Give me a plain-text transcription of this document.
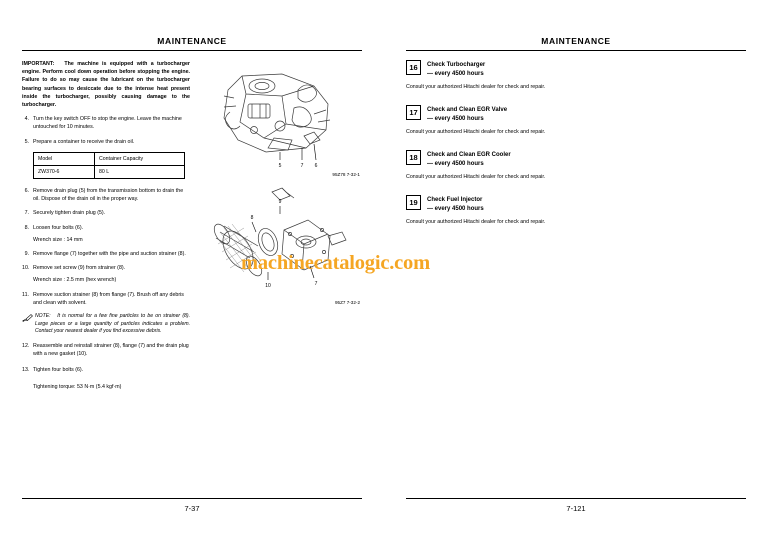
MAINTENANCE
IMPORTANT: The machine is equipped with a turbocharger engine. Perform cool down operation before stopping the engine. Failure to do so may cause the lubricant on the turbocharger bearing surfaces to desiccate due to the intense heat present inside the turbocharger, possibly causing damage to the turbocharger.
4. Turn the key switch OFF to stop the engine. Leave the machine untouched for 10 minutes.
5. Prepare a container to receive the drain oil.
Model	Container Capacity
ZW370-6	80 L
6. Remove drain plug (5) from the transmission bottom to drain the oil. Dispose of the drain oil in the proper way.
7. Securely tighten drain plug (5).
8. Loosen four bolts (6).
Wrench size : 14 mm
9. Remove flange (7) together with the pipe and suction strainer (8).
10. Remove set screw (9) from strainer (8).
Wrench size : 2.5 mm (hex wrench)
11. Remove suction strainer (8) from flange (7). Brush off any debris and clean with solvent.
NOTE: It is normal for a few fine particles to be on strainer (8). Large pieces or a large quantity of particles indicates a problem. Contact your nearest dealer if you find excessive debris.
12. Reassemble and reinstall strainer (8), flange (7) and the drain plug with a new gasket (10).
13. Tighten four bolts (6).
Tightening torque: 53 N·m (5.4 kgf·m)
5	7 6
95Z78 7-32-1
8
9
10	7
95Z7 7-32-2
7-37
MAINTENANCE
16	Check Turbocharger
— every 4500 hours
Consult your authorized Hitachi dealer for check and repair.
17	Check and Clean EGR Valve
— every 4500 hours
Consult your authorized Hitachi dealer for check and repair.
18	Check and Clean EGR Cooler
— every 4500 hours
Consult your authorized Hitachi dealer for check and repair.
19	Check Fuel Injector
— every 4500 hours
Consult your authorized Hitachi dealer for check and repair.
7-121
machinecatalogic.com
